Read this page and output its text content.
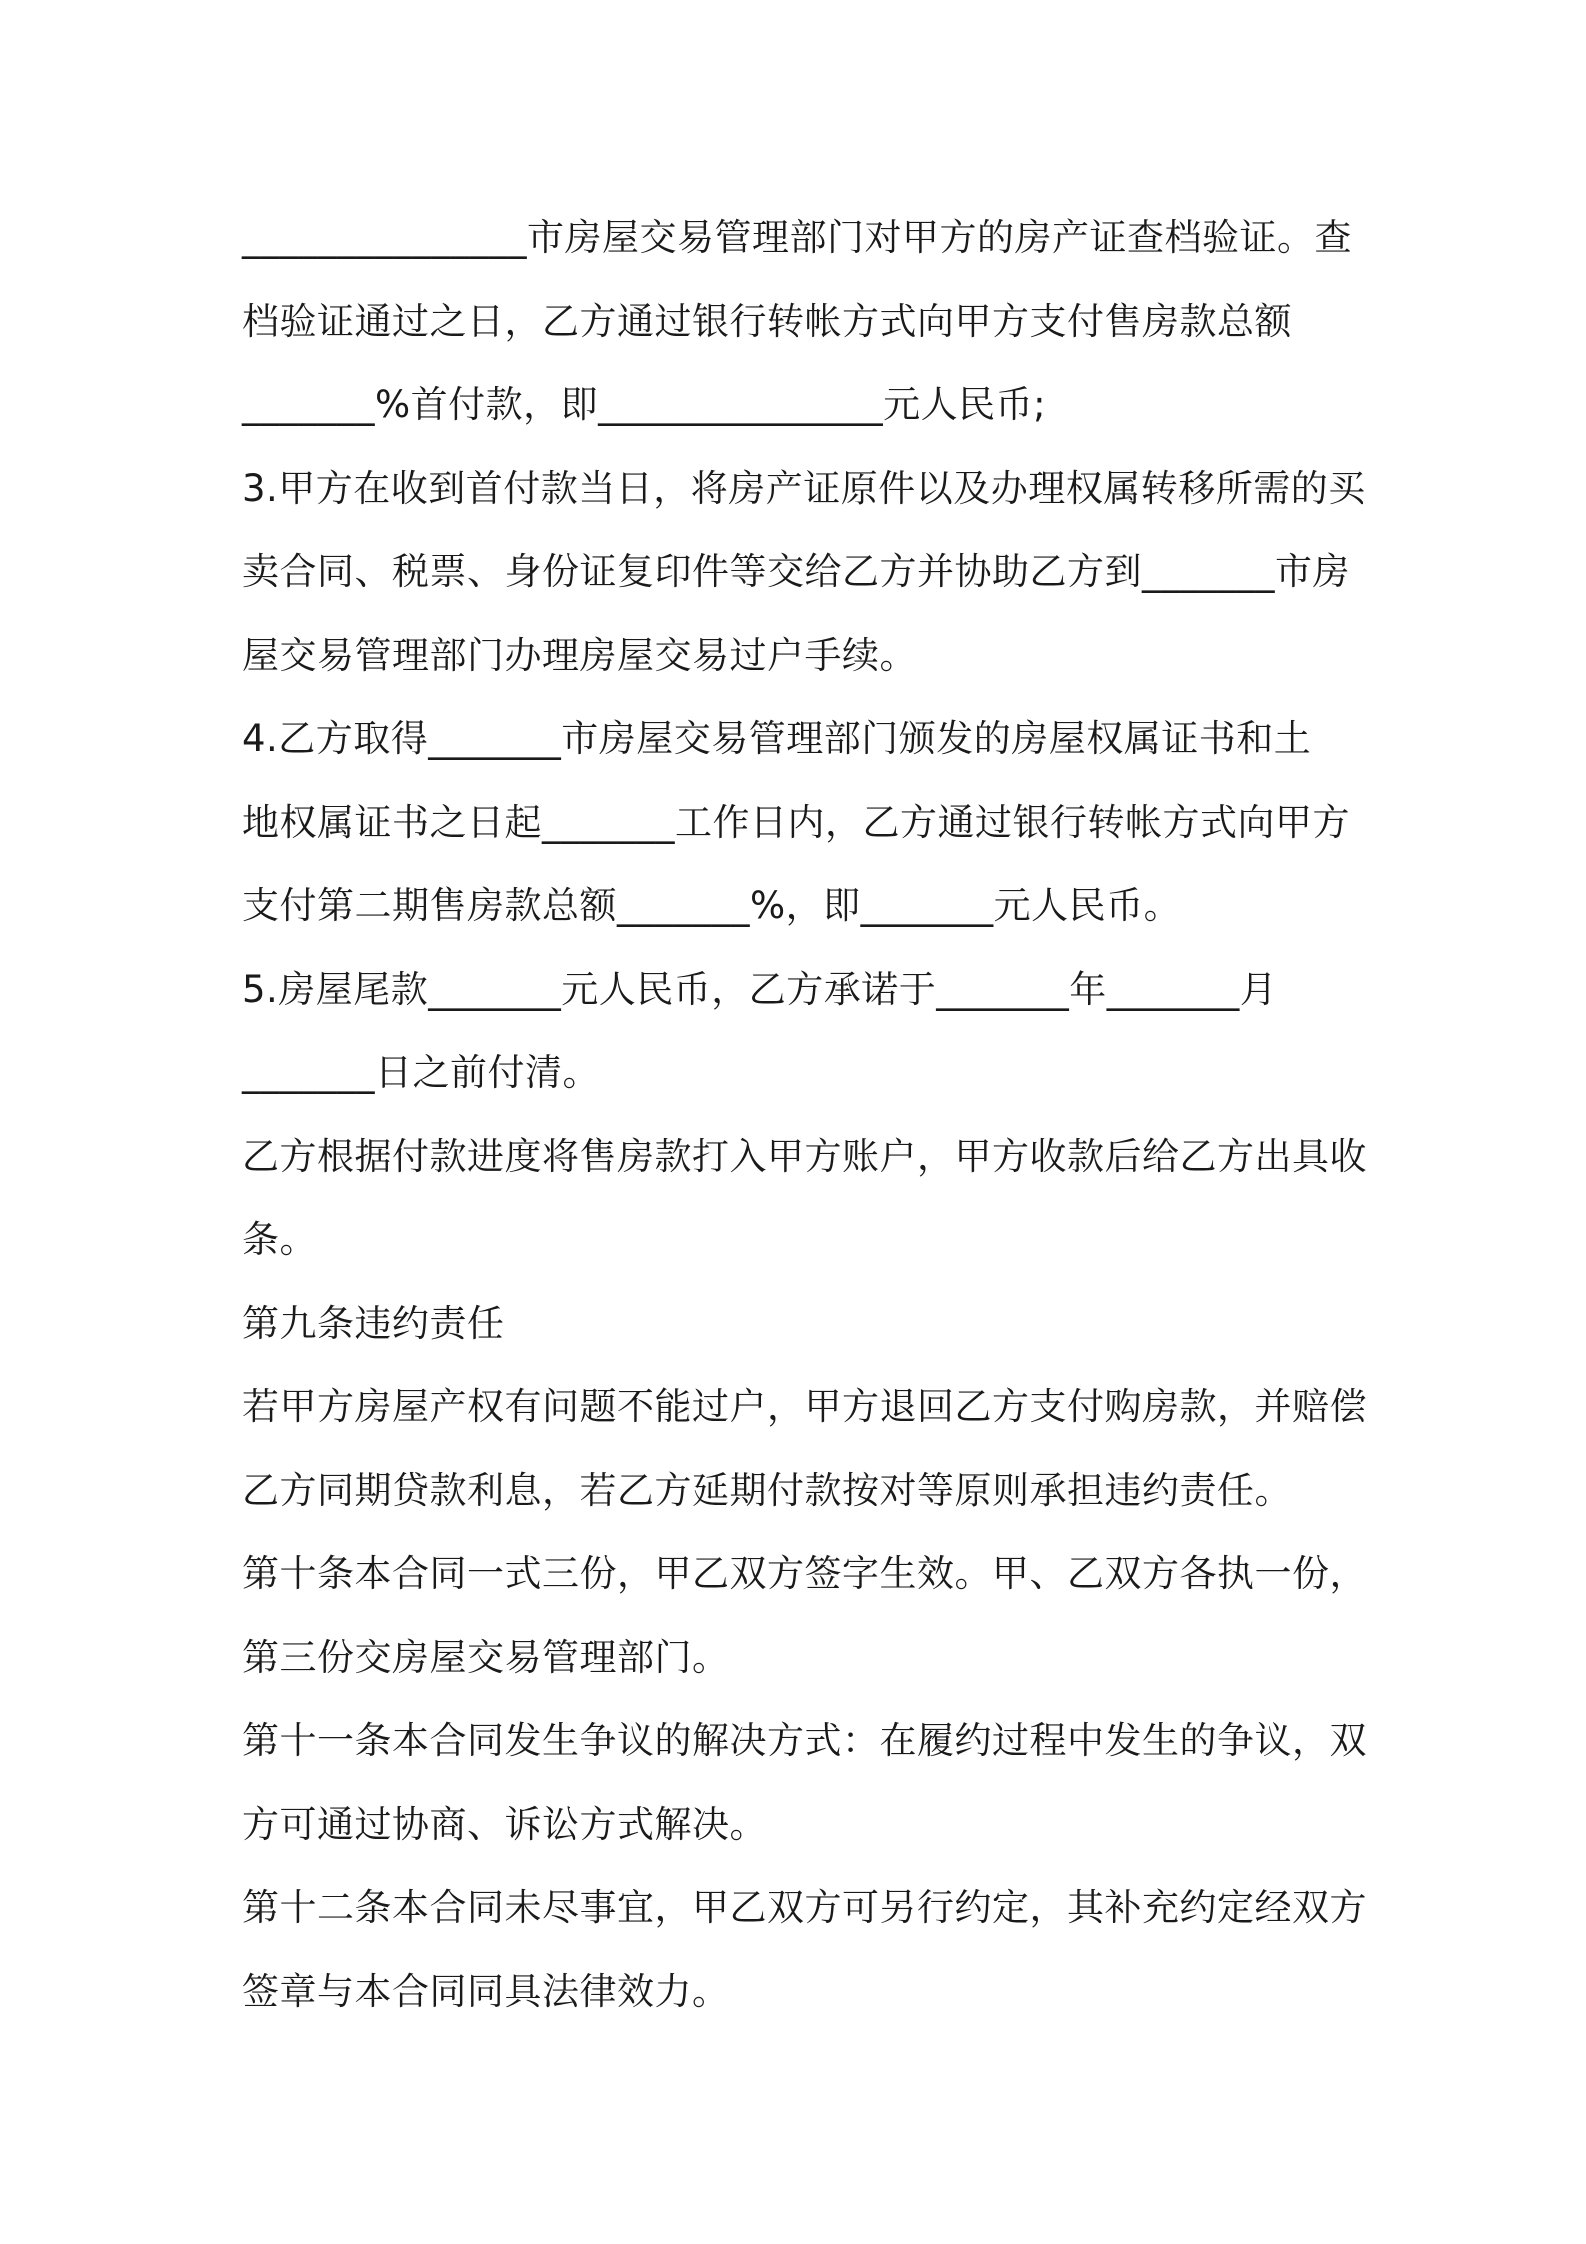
_______________市房屋交易管理部门对甲方的房产证查档验证。查
档验证通过之日，乙方通过银行转帐方式向甲方支付售房款总额
_______%首付款，即_______________元人民币;
3.甲方在收到首付款当日，将房产证原件以及办理权属转移所需的买
卖合同、税票、身份证复印件等交给乙方并协助乙方到_______市房
屋交易管理部门办理房屋交易过户手续。
4.乙方取得_______市房屋交易管理部门颁发的房屋权属证书和土
地权属证书之日起_______工作日内，乙方通过银行转帐方式向甲方
支付第二期售房款总额_______%，即_______元人民币。
5.房屋尾款_______元人民币，乙方承诺于_______年_______月
_______日之前付清。
乙方根据付款进度将售房款打入甲方账户，甲方收款后给乙方出具收
条。
第九条违约责任
若甲方房屋产权有问题不能过户，甲方退回乙方支付购房款，并赔偿
乙方同期贷款利息，若乙方延期付款按对等原则承担违约责任。
第十条本合同一式三份，甲乙双方签字生效。甲、乙双方各执一份，
第三份交房屋交易管理部门。
第十一条本合同发生争议的解决方式：在履约过程中发生的争议，双
方可通过协商、诉讼方式解决。
第十二条本合同未尽事宜，甲乙双方可另行约定，其补充约定经双方
签章与本合同同具法律效力。
